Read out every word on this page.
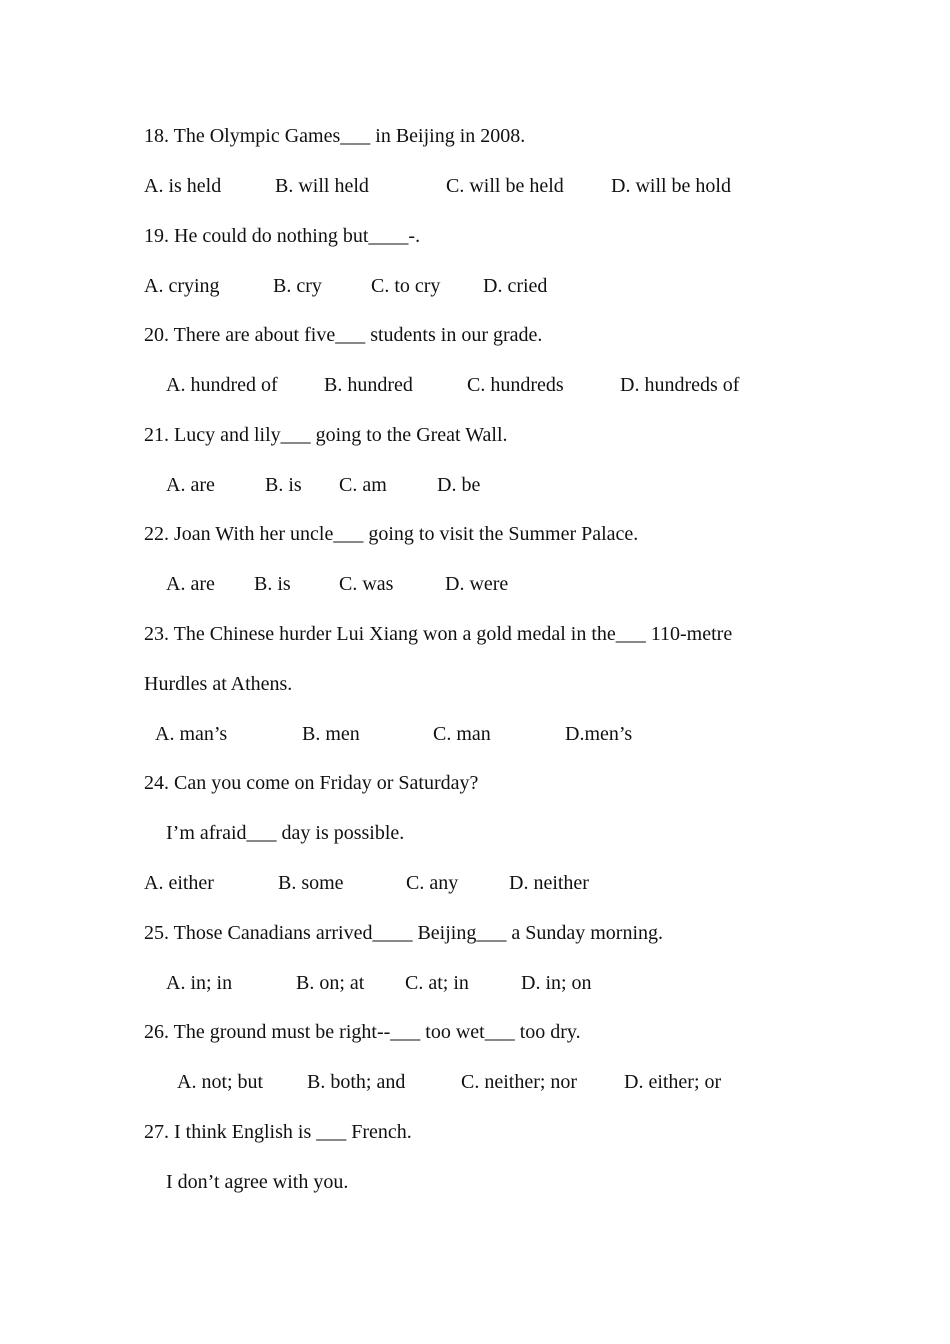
18. The Olympic Games___ in Beijing in 2008.
A. is held	B. will held	C. will be held D. will be hold
19. He could do nothing but____-.
A. crying	B. cry C. to cry D. cried
20. There are about five___ students in our grade.
A. hundred of B. hundred	C. hundreds	D. hundreds of
21. Lucy and lily___ going to the Great Wall.
A. are	B. is C. am	D. be
22. Joan With her uncle___ going to visit the Summer Palace.
A. are B. is C. was	D. were
23. The Chinese hurder Lui Xiang won a gold medal in the___ 110-metre
Hurdles at Athens.
A. man’s	B. men	C. man	D.men’s
24. Can you come on Friday or Saturday?
I’m afraid___ day is possible.
A. either	B. some	C. any	D. neither
25. Those Canadians arrived____ Beijing___ a Sunday morning.
A. in; in	B. on; at C. at; in	D. in; on
26. The ground must be right--___ too wet___ too dry.
A. not; but B. both; and	C. neither; nor D. either; or
27. I think English is ___ French.
I don’t agree with you.
